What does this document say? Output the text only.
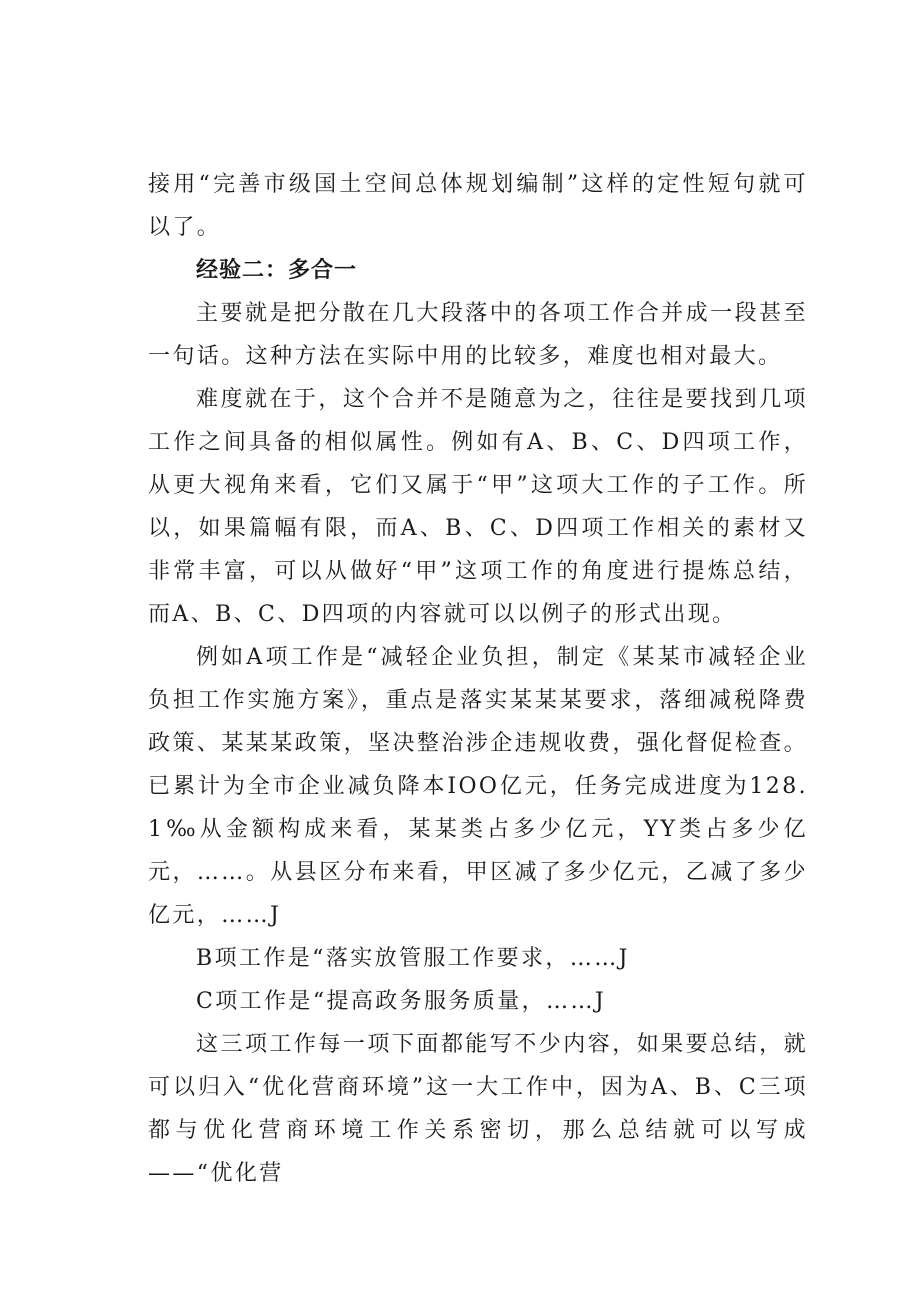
接用“完善市级国土空间总体规划编制”这样的定性短句就可以了。

经验二：多合一

主要就是把分散在几大段落中的各项工作合并成一段甚至一句话。这种方法在实际中用的比较多，难度也相对最大。

难度就在于，这个合并不是随意为之，往往是要找到几项工作之间具备的相似属性。例如有A、B、C、D四项工作，从更大视角来看，它们又属于“甲”这项大工作的子工作。所以，如果篇幅有限，而A、B、C、D四项工作相关的素材又非常丰富，可以从做好“甲”这项工作的角度进行提炼总结，而A、B、C、D四项的内容就可以以例子的形式出现。

例如A项工作是“减轻企业负担，制定《某某市减轻企业负担工作实施方案》，重点是落实某某某要求，落细减税降费政策、某某某政策，坚决整治涉企违规收费，强化督促检查。已累计为全市企业减负降本IOO亿元，任务完成进度为128.1‰从金额构成来看，某某类占多少亿元，YY类占多少亿元，……。从县区分布来看，甲区减了多少亿元，乙减了多少亿元，……J

B项工作是“落实放管服工作要求，……J

C项工作是“提高政务服务质量，……J

这三项工作每一项下面都能写不少内容，如果要总结，就可以归入“优化营商环境”这一大工作中，因为A、B、C三项都与优化营商环境工作关系密切，那么总结就可以写成——“优化营
